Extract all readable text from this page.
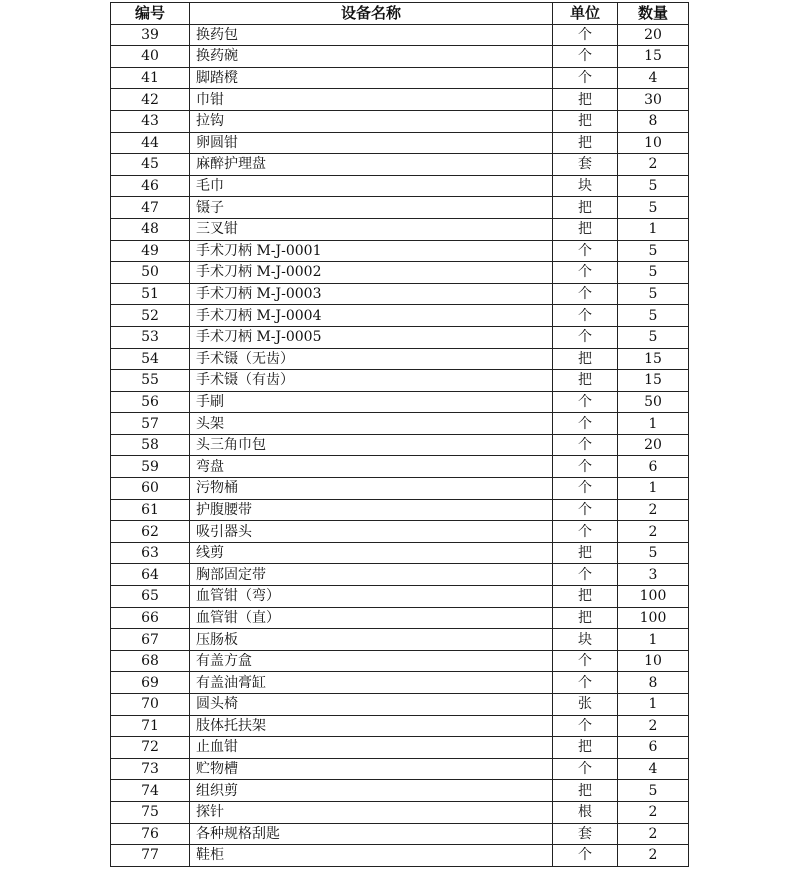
编号	设备名称	单位	数量
39	换药包	个	20
40	换药碗	个	15
41	脚踏櫈	个	4
42	巾钳	把	30
43	拉钩	把	8
44	卵圆钳	把	10
45	麻醉护理盘	套	2
46	毛巾	块	5
47	镊子	把	5
48	三叉钳	把	1
49	手术刀柄 M-J-0001	个	5
50	手术刀柄 M-J-0002	个	5
51	手术刀柄 M-J-0003	个	5
52	手术刀柄 M-J-0004	个	5
53	手术刀柄 M-J-0005	个	5
54	手术镊（无齿）	把	15
55	手术镊（有齿）	把	15
56	手刷	个	50
57	头架	个	1
58	头三角巾包	个	20
59	弯盘	个	6
60	污物桶	个	1
61	护腹腰带	个	2
62	吸引器头	个	2
63	线剪	把	5
64	胸部固定带	个	3
65	血管钳（弯）	把	100
66	血管钳（直）	把	100
67	压肠板	块	1
68	有盖方盒	个	10
69	有盖油膏缸	个	8
70	圆头椅	张	1
71	肢体托扶架	个	2
72	止血钳	把	6
73	贮物槽	个	4
74	组织剪	把	5
75	探针	根	2
76	各种规格刮匙	套	2
77	鞋柜	个	2
